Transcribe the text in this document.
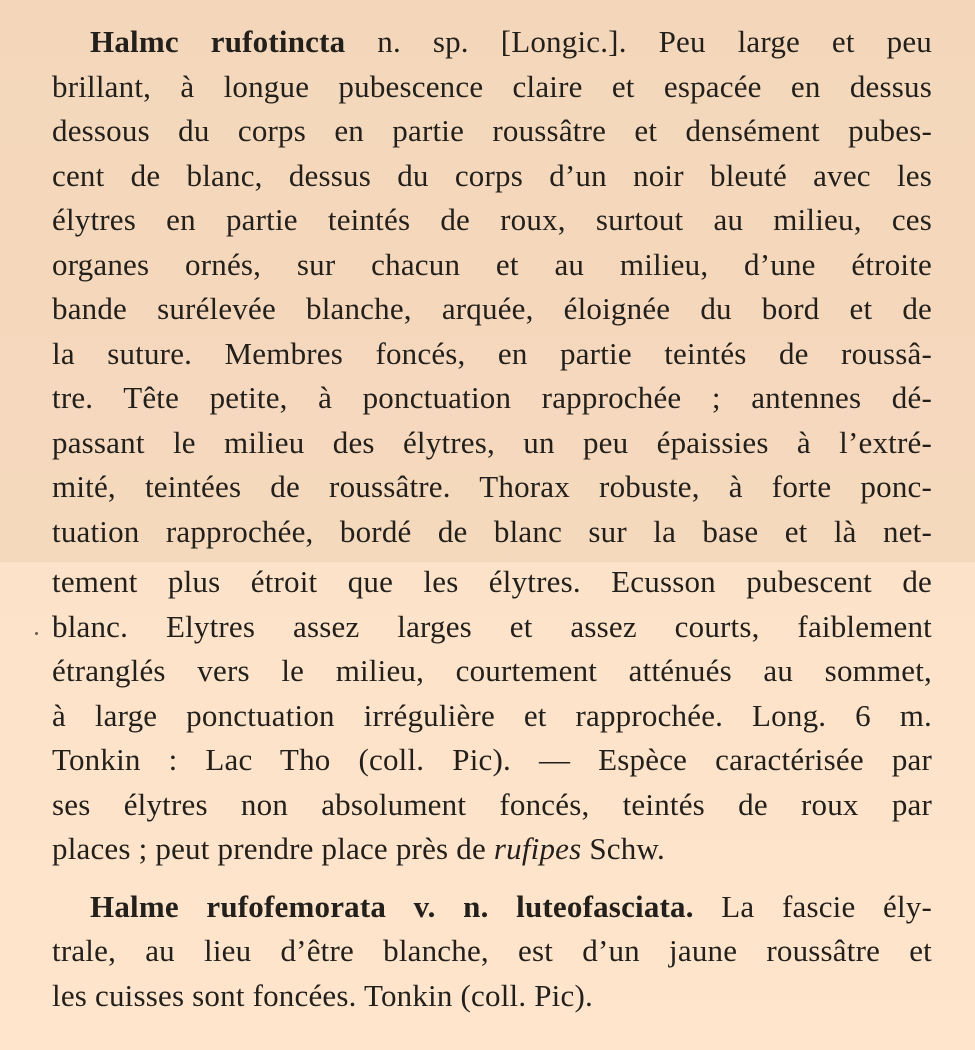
Halmc rufotincta n. sp. [Longic.]. Peu large et peu
brillant, à longue pubescence claire et espacée en dessus
dessous du corps en partie roussâtre et densément pubes-
cent de blanc, dessus du corps d’un noir bleuté avec les
élytres en partie teintés de roux, surtout au milieu, ces
organes ornés, sur chacun et au milieu, d’une étroite
bande surélevée blanche, arquée, éloignée du bord et de
la suture. Membres foncés, en partie teintés de roussâ-
tre. Tête petite, à ponctuation rapprochée ; antennes dé-
passant le milieu des élytres, un peu épaissies à l’extré-
mité, teintées de roussâtre. Thorax robuste, à forte ponc-
tuation rapprochée, bordé de blanc sur la base et là net-
tement plus étroit que les élytres. Ecusson pubescent de
blanc. Elytres assez larges et assez courts, faiblement
étranglés vers le milieu, courtement atténués au sommet,
à large ponctuation irrégulière et rapprochée. Long. 6 m.
Tonkin : Lac Tho (coll. Pic). — Espèce caractérisée par
ses élytres non absolument foncés, teintés de roux par
places ; peut prendre place près de rufipes Schw.
Halme rufofemorata v. n. luteofasciata. La fascie ély-
trale, au lieu d’être blanche, est d’un jaune roussâtre et
les cuisses sont foncées. Tonkin (coll. Pic).
